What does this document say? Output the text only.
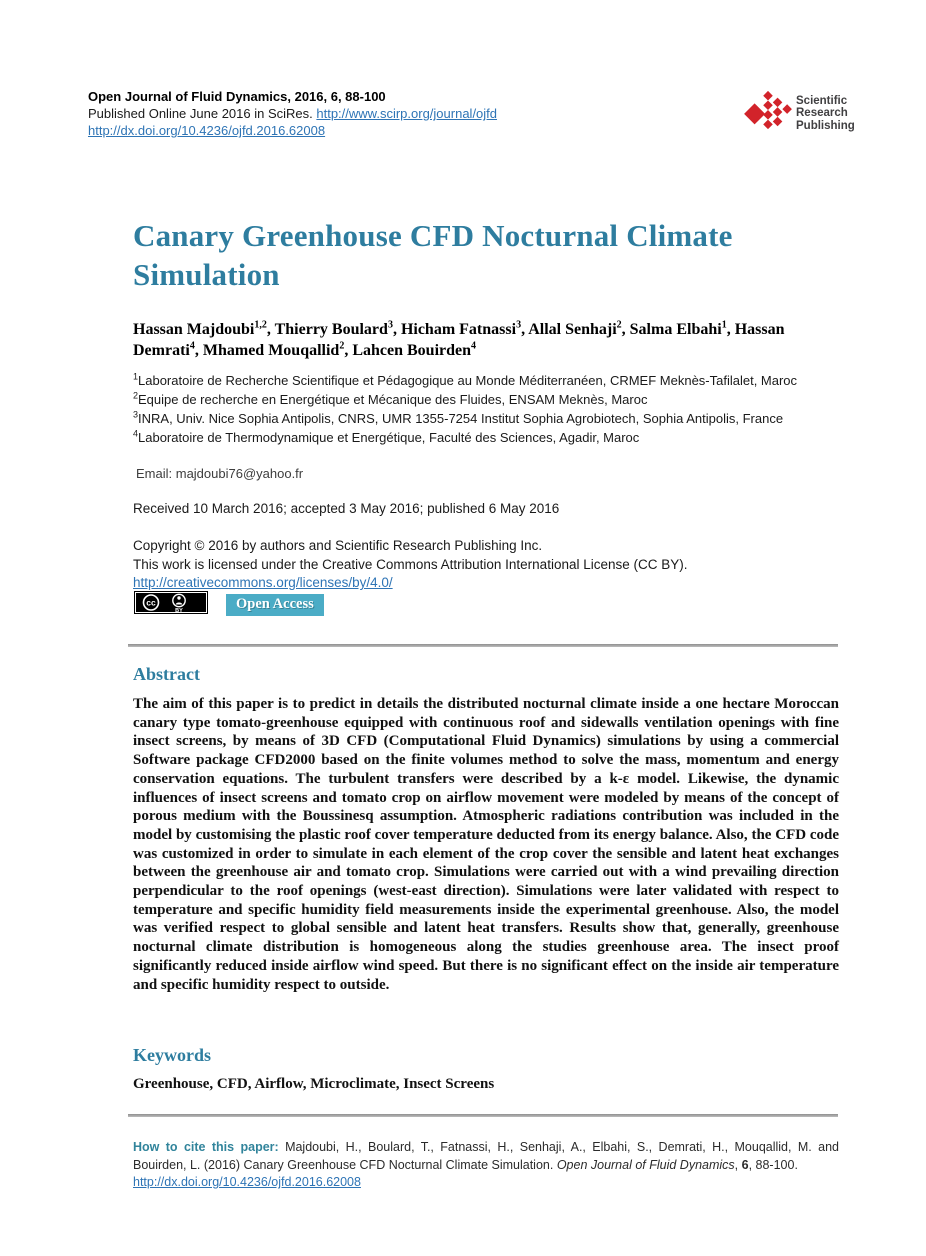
Open Journal of Fluid Dynamics, 2016, 6, 88-100
Published Online June 2016 in SciRes. http://www.scirp.org/journal/ojfd
http://dx.doi.org/10.4236/ojfd.2016.62008
Scientific
Research
Publishing
Canary Greenhouse CFD Nocturnal Climate Simulation
Hassan Majdoubi$^{1,2}$, Thierry Boulard$^3$, Hicham Fatnassi$^3$, Allal Senhaji$^2$, Salma Elbahi$^1$, Hassan Demrati$^4$, Mhamed Mouqallid$^2$, Lahcen Bouirden$^4$
$^1$Laboratoire de Recherche Scientifique et Pédagogique au Monde Méditerranéen, CRMEF Meknès-Tafilalet, Maroc
$^2$Equipe de recherche en Energétique et Mécanique des Fluides, ENSAM Meknès, Maroc
$^3$INRA, Univ. Nice Sophia Antipolis, CNRS, UMR 1355-7254 Institut Sophia Agrobiotech, Sophia Antipolis, France
$^4$Laboratoire de Thermodynamique et Energétique, Faculté des Sciences, Agadir, Maroc
Email: majdoubi76@yahoo.fr
Received 10 March 2016; accepted 3 May 2016; published 6 May 2016
Copyright © 2016 by authors and Scientific Research Publishing Inc.
This work is licensed under the Creative Commons Attribution International License (CC BY).
http://creativecommons.org/licenses/by/4.0/
cc
BY	Open Access
Abstract
The aim of this paper is to predict in details the distributed nocturnal climate inside a one hectare Moroccan canary type tomato-greenhouse equipped with continuous roof and sidewalls ventilation openings with fine insect screens, by means of 3D CFD (Computational Fluid Dynamics) simulations by using a commercial Software package CFD2000 based on the finite volumes method to solve the mass, momentum and energy conservation equations. The turbulent transfers were described by a k-ε model. Likewise, the dynamic influences of insect screens and tomato crop on airflow movement were modeled by means of the concept of porous medium with the Boussinesq assumption. Atmospheric radiations contribution was included in the model by customising the plastic roof cover temperature deducted from its energy balance. Also, the CFD code was customized in order to simulate in each element of the crop cover the sensible and latent heat exchanges between the greenhouse air and tomato crop. Simulations were carried out with a wind prevailing direction perpendicular to the roof openings (west-east direction). Simulations were later validated with respect to temperature and specific humidity field measurements inside the experimental greenhouse. Also, the model was verified respect to global sensible and latent heat transfers. Results show that, generally, greenhouse nocturnal climate distribution is homogeneous along the studies greenhouse area. The insect proof significantly reduced inside airflow wind speed. But there is no significant effect on the inside air temperature and specific humidity respect to outside.
Keywords
Greenhouse, CFD, Airflow, Microclimate, Insect Screens
How to cite this paper: Majdoubi, H., Boulard, T., Fatnassi, H., Senhaji, A., Elbahi, S., Demrati, H., Mouqallid, M. and Bouirden, L. (2016) Canary Greenhouse CFD Nocturnal Climate Simulation. Open Journal of Fluid Dynamics, 6, 88-100.
http://dx.doi.org/10.4236/ojfd.2016.62008
